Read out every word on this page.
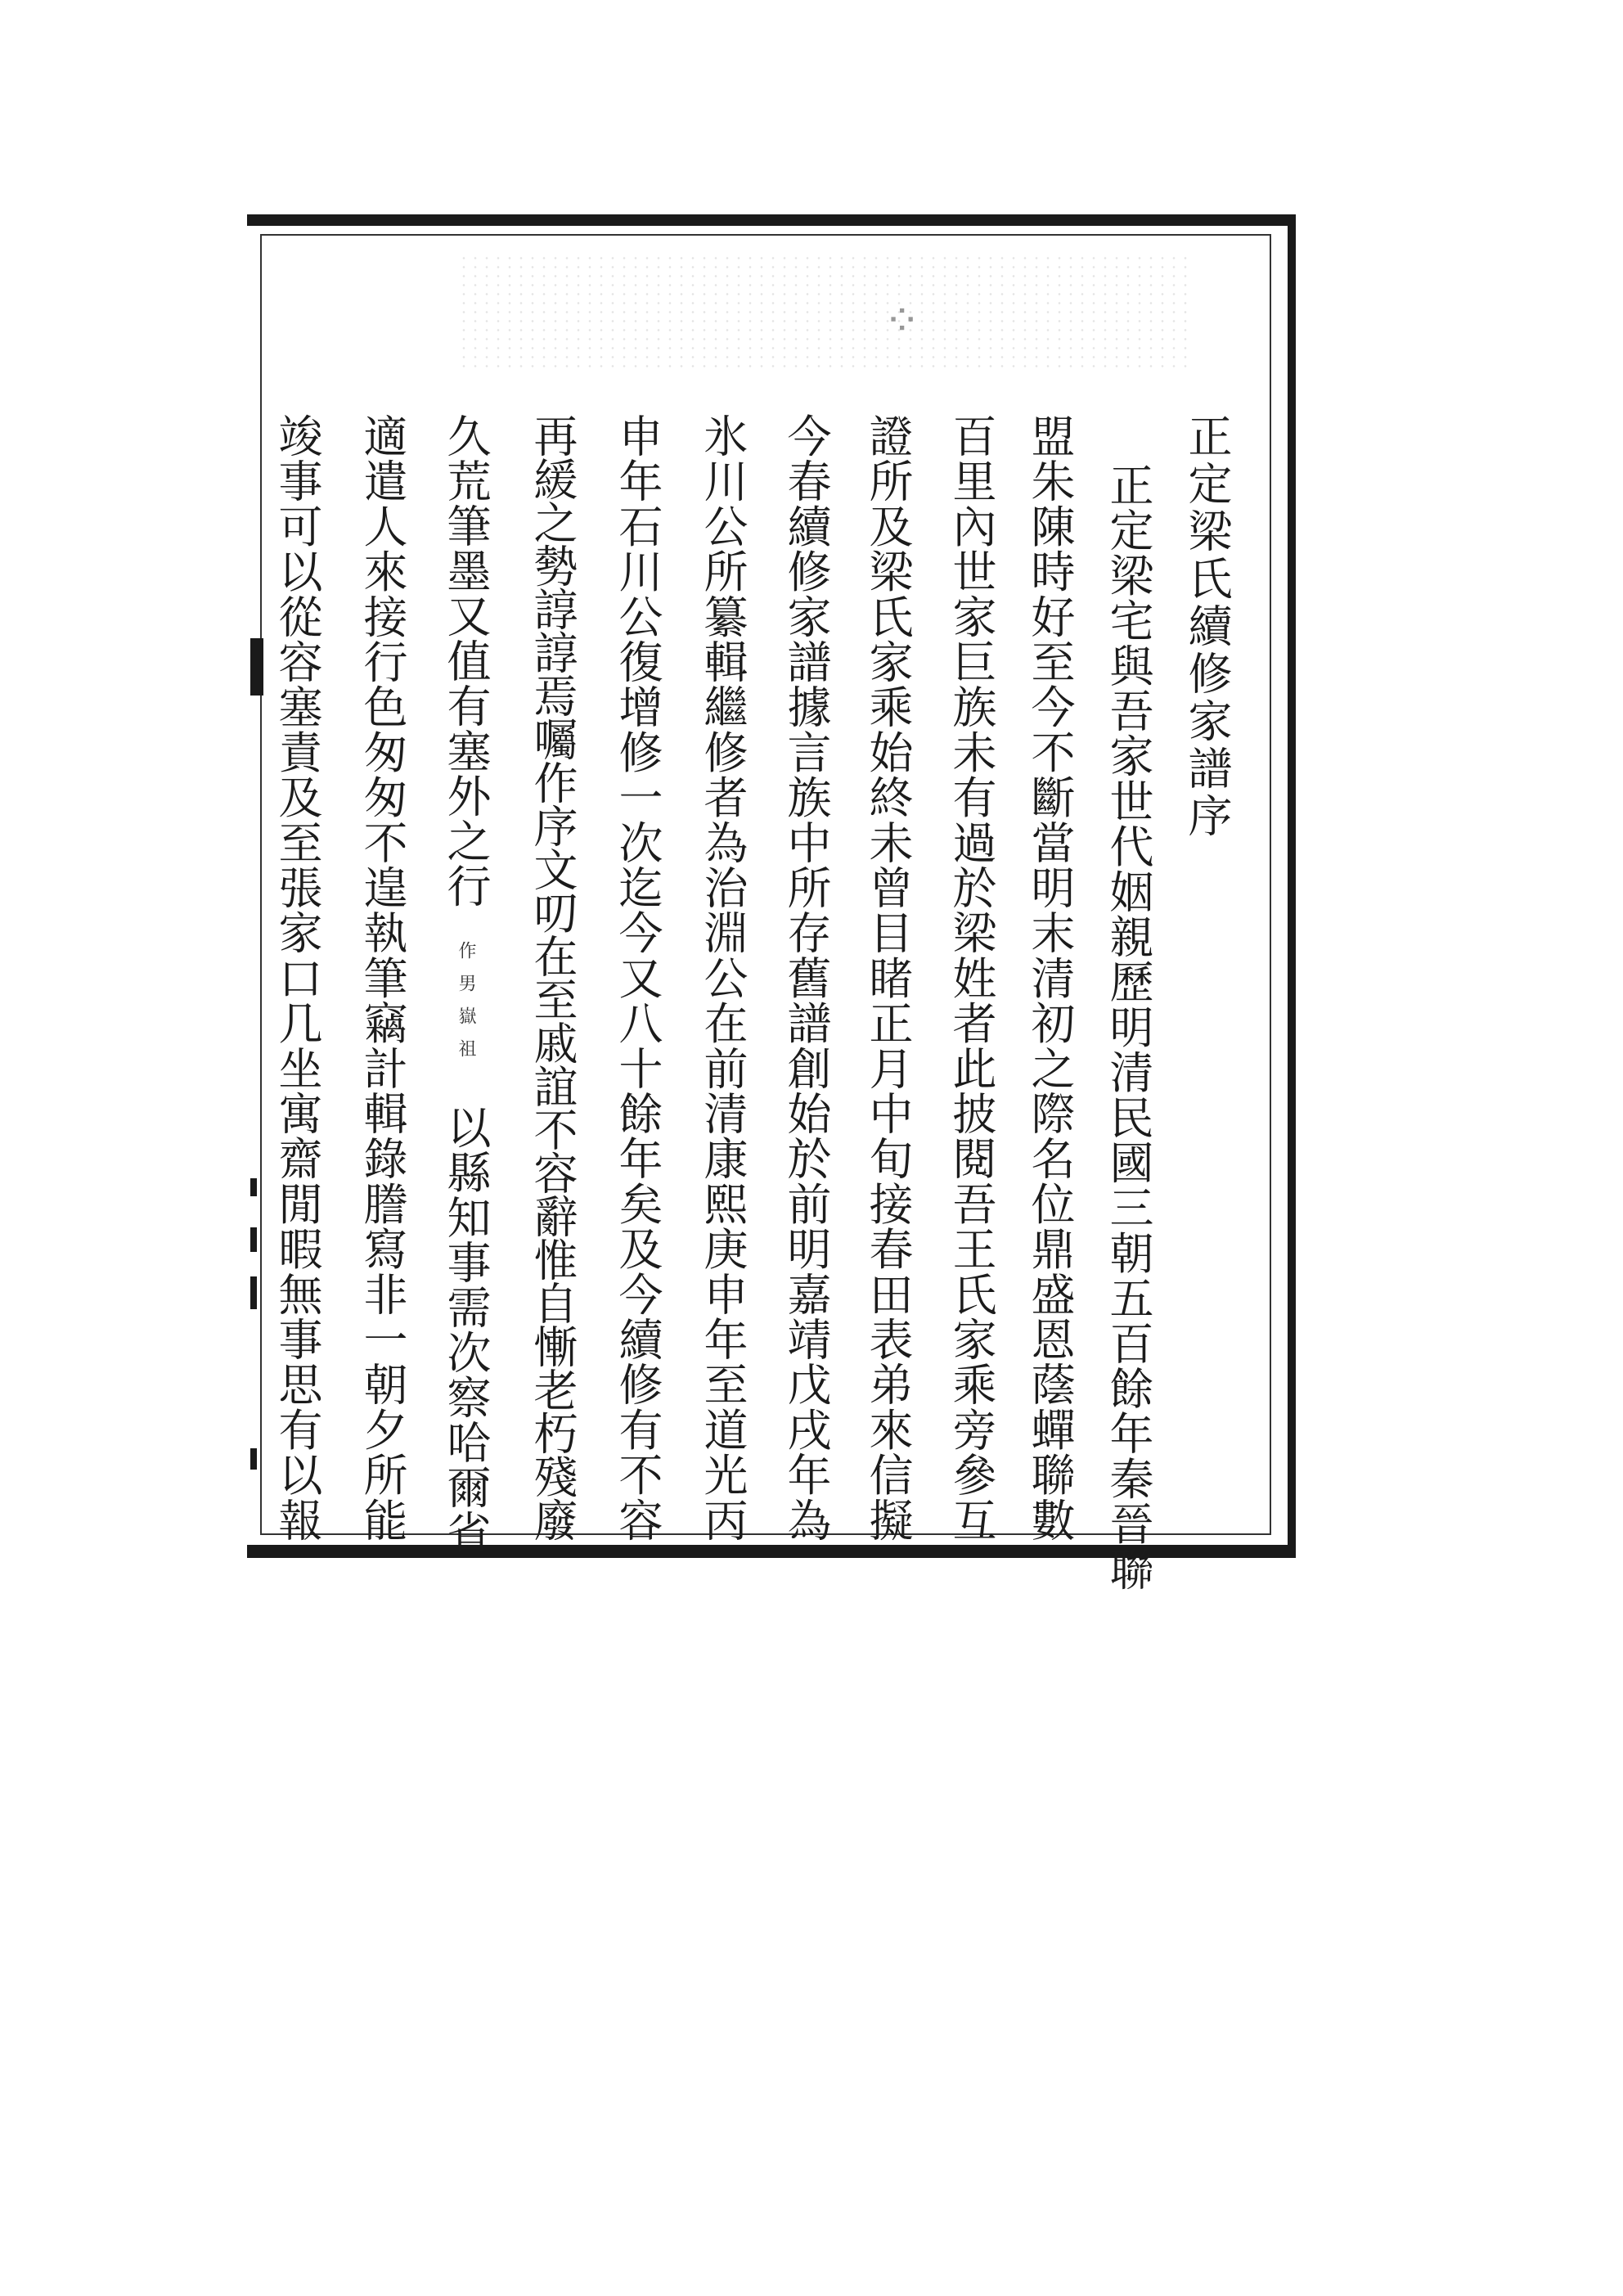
⁘
正定梁氏續修家譜序
正定梁宅與吾家世代姻親歷明清民國三朝五百餘年秦晉聯
盟朱陳時好至今不斷當明末清初之際名位鼎盛恩蔭蟬聯數
百里內世家巨族未有過於梁姓者此披閱吾王氏家乘旁參互
證所及梁氏家乘始終未曾目睹正月中旬接春田表弟來信擬
今春續修家譜據言族中所存舊譜創始於前明嘉靖戊戌年為
氷川公所纂輯繼修者為治淵公在前清康熙庚申年至道光丙
申年石川公復增修一次迄今又八十餘年矣及今續修有不容
再緩之勢諄諄焉囑作序文叨在至戚誼不容辭惟自慚老朽殘廢
久荒筆墨又值有塞外之行作男嶽祖以縣知事需次察哈爾省
適遣人來接行色匆匆不遑執筆竊計輯錄謄寫非一朝夕所能
竣事可以從容塞責及至張家口几坐寓齋閒暇無事思有以報
